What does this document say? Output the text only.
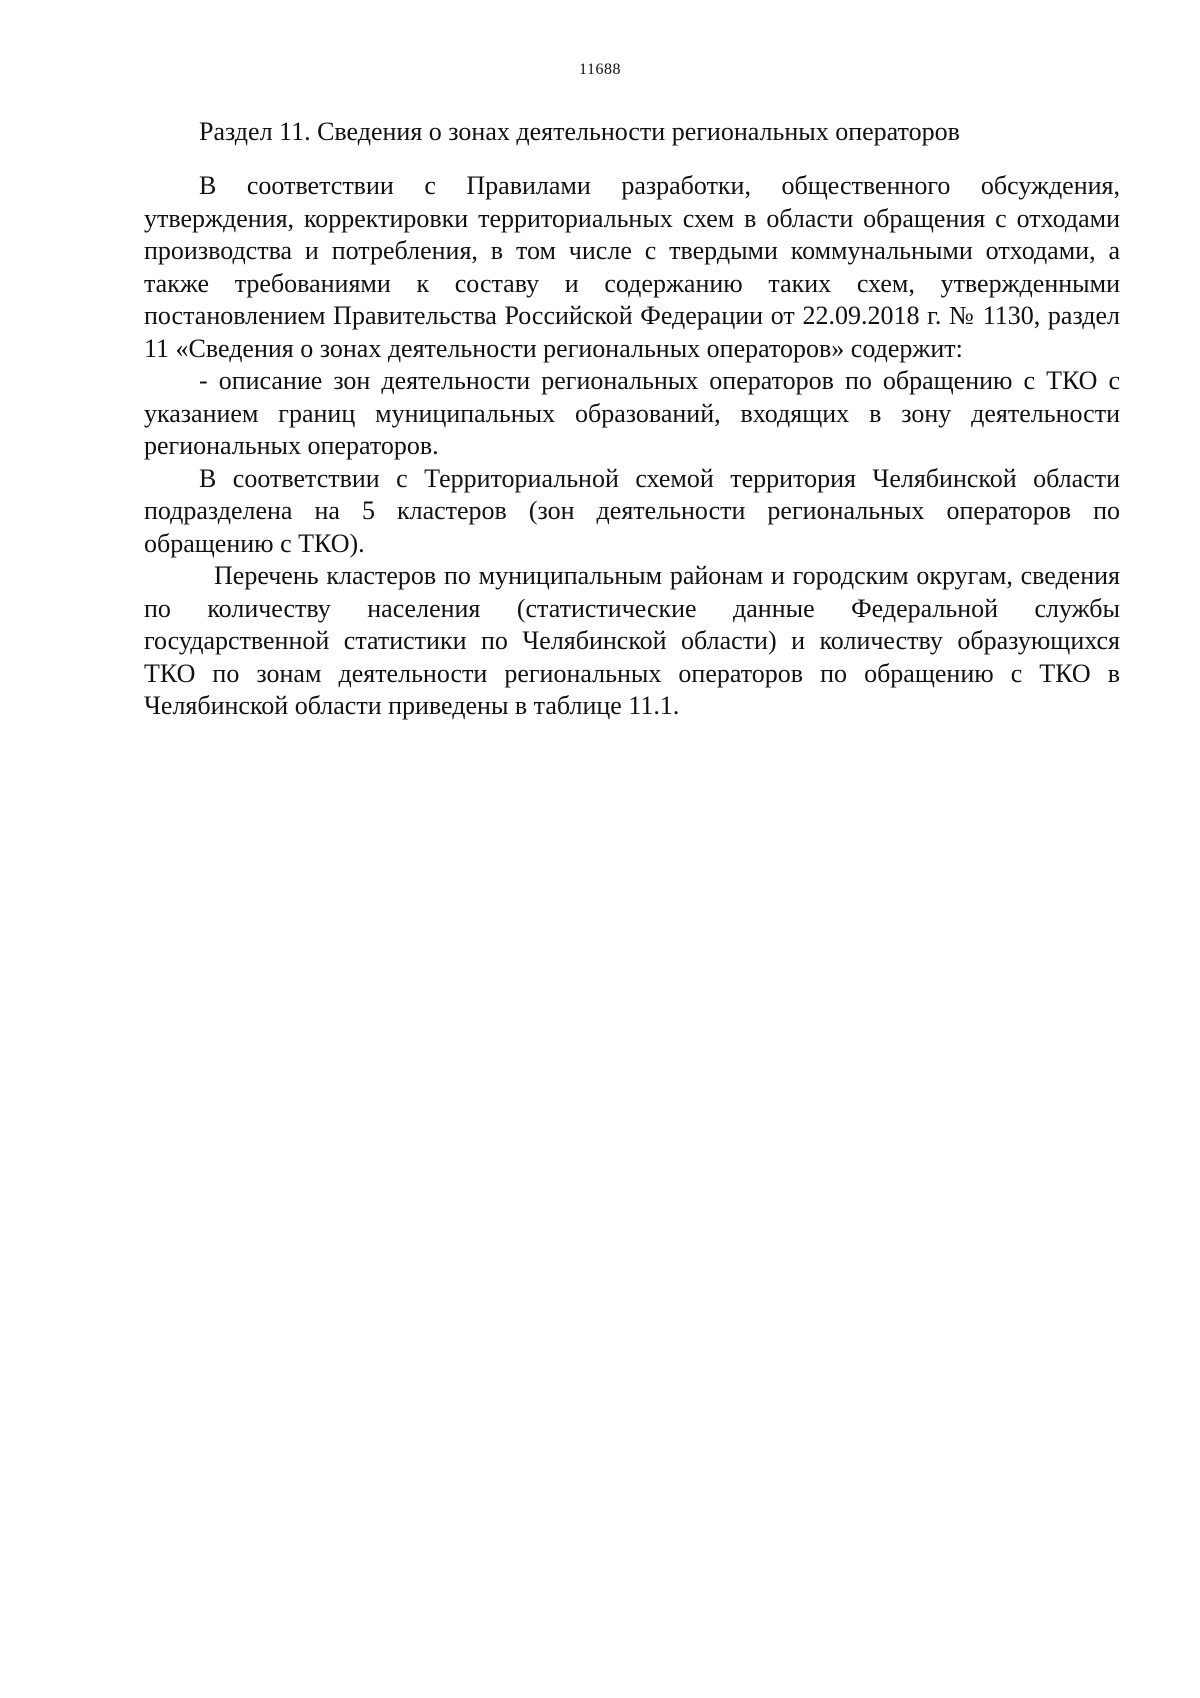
11688
Раздел 11. Сведения о зонах деятельности региональных операторов

В соответствии с Правилами разработки, общественного обсуждения, утверждения, корректировки территориальных схем в области обращения с отходами производства и потребления, в том числе с твердыми коммунальными отходами, а также требованиями к составу и содержанию таких схем, утвержденными постановлением Правительства Российской Федерации от 22.09.2018 г. № 1130, раздел 11 «Сведения о зонах деятельности региональных операторов» содержит:

- описание зон деятельности региональных операторов по обращению с ТКО с указанием границ муниципальных образований, входящих в зону деятельности региональных операторов.

В соответствии с Территориальной схемой территория Челябинской области подразделена на 5 кластеров (зон деятельности региональных операторов по обращению с ТКО).

Перечень кластеров по муниципальным районам и городским округам, сведения по количеству населения (статистические данные Федеральной службы государственной статистики по Челябинской области) и количеству образующихся ТКО по зонам деятельности региональных операторов по обращению с ТКО в Челябинской области приведены в таблице 11.1.
